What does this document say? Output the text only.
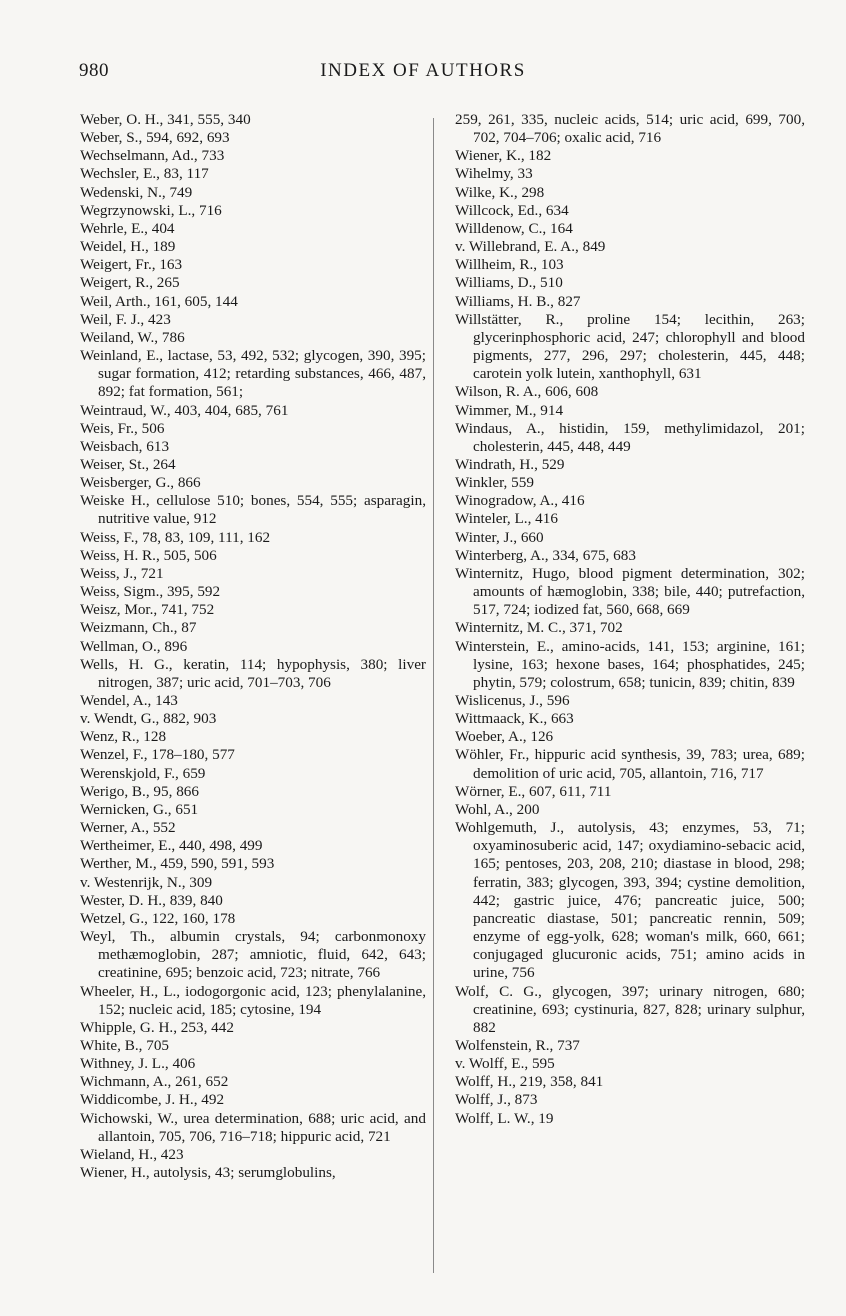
980	INDEX OF AUTHORS
Weber, O. H., 341, 555, 340
Weber, S., 594, 692, 693
Wechselmann, Ad., 733
Wechsler, E., 83, 117
Wedenski, N., 749
Wegrzynowski, L., 716
Wehrle, E., 404
Weidel, H., 189
Weigert, Fr., 163
Weigert, R., 265
Weil, Arth., 161, 605, 144
Weil, F. J., 423
Weiland, W., 786
Weinland, E., lactase, 53, 492, 532; glycogen, 390, 395; sugar formation, 412; retarding substances, 466, 487, 892; fat formation, 561;
Weintraud, W., 403, 404, 685, 761
Weis, Fr., 506
Weisbach, 613
Weiser, St., 264
Weisberger, G., 866
Weiske H., cellulose 510; bones, 554, 555; asparagin, nutritive value, 912
Weiss, F., 78, 83, 109, 111, 162
Weiss, H. R., 505, 506
Weiss, J., 721
Weiss, Sigm., 395, 592
Weisz, Mor., 741, 752
Weizmann, Ch., 87
Wellman, O., 896
Wells, H. G., keratin, 114; hypophysis, 380; liver nitrogen, 387; uric acid, 701–703, 706
Wendel, A., 143
v. Wendt, G., 882, 903
Wenz, R., 128
Wenzel, F., 178–180, 577
Werenskjold, F., 659
Werigo, B., 95, 866
Wernicken, G., 651
Werner, A., 552
Wertheimer, E., 440, 498, 499
Werther, M., 459, 590, 591, 593
v. Westenrijk, N., 309
Wester, D. H., 839, 840
Wetzel, G., 122, 160, 178
Weyl, Th., albumin crystals, 94; carbonmonoxy methæmoglobin, 287; amniotic, fluid, 642, 643; creatinine, 695; benzoic acid, 723; nitrate, 766
Wheeler, H., L., iodogorgonic acid, 123; phenylalanine, 152; nucleic acid, 185; cytosine, 194
Whipple, G. H., 253, 442
White, B., 705
Withney, J. L., 406
Wichmann, A., 261, 652
Widdicombe, J. H., 492
Wichowski, W., urea determination, 688; uric acid, and allantoin, 705, 706, 716–718; hippuric acid, 721
Wieland, H., 423
Wiener, H., autolysis, 43; serumglobulins,
259, 261, 335, nucleic acids, 514; uric acid, 699, 700, 702, 704–706; oxalic acid, 716
Wiener, K., 182
Wihelmy, 33
Wilke, K., 298
Willcock, Ed., 634
Willdenow, C., 164
v. Willebrand, E. A., 849
Willheim, R., 103
Williams, D., 510
Williams, H. B., 827
Willstätter, R., proline 154; lecithin, 263; glycerinphosphoric acid, 247; chlorophyll and blood pigments, 277, 296, 297; cholesterin, 445, 448; carotein yolk lutein, xanthophyll, 631
Wilson, R. A., 606, 608
Wimmer, M., 914
Windaus, A., histidin, 159, methylimidazol, 201; cholesterin, 445, 448, 449
Windrath, H., 529
Winkler, 559
Winogradow, A., 416
Winteler, L., 416
Winter, J., 660
Winterberg, A., 334, 675, 683
Winternitz, Hugo, blood pigment determination, 302; amounts of hæmoglobin, 338; bile, 440; putrefaction, 517, 724; iodized fat, 560, 668, 669
Winternitz, M. C., 371, 702
Winterstein, E., amino-acids, 141, 153; arginine, 161; lysine, 163; hexone bases, 164; phosphatides, 245; phytin, 579; colostrum, 658; tunicin, 839; chitin, 839
Wislicenus, J., 596
Wittmaack, K., 663
Woeber, A., 126
Wöhler, Fr., hippuric acid synthesis, 39, 783; urea, 689; demolition of uric acid, 705, allantoin, 716, 717
Wörner, E., 607, 611, 711
Wohl, A., 200
Wohlgemuth, J., autolysis, 43; enzymes, 53, 71; oxyaminosuberic acid, 147; oxydiamino-sebacic acid, 165; pentoses, 203, 208, 210; diastase in blood, 298; ferratin, 383; glycogen, 393, 394; cystine demolition, 442; gastric juice, 476; pancreatic juice, 500; pancreatic diastase, 501; pancreatic rennin, 509; enzyme of egg-yolk, 628; woman's milk, 660, 661; conjugaged glucuronic acids, 751; amino acids in urine, 756
Wolf, C. G., glycogen, 397; urinary nitrogen, 680; creatinine, 693; cystinuria, 827, 828; urinary sulphur, 882
Wolfenstein, R., 737
v. Wolff, E., 595
Wolff, H., 219, 358, 841
Wolff, J., 873
Wolff, L. W., 19
